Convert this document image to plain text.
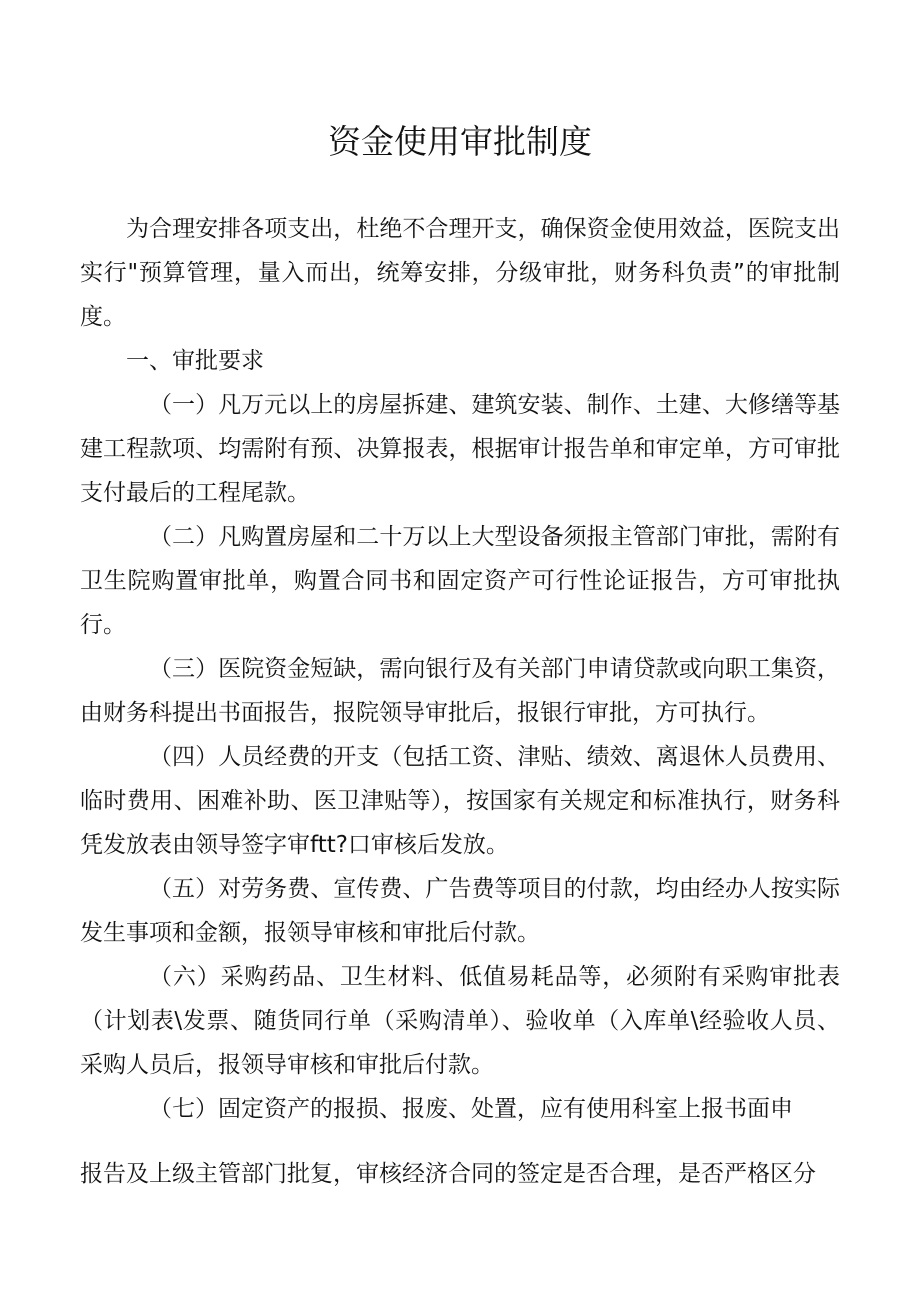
资金使用审批制度

为合理安排各项支出，杜绝不合理开支，确保资金使用效益，医院支出实行"预算管理，量入而出，统筹安排，分级审批，财务科负责”的审批制度。

一、审批要求

（一）凡万元以上的房屋拆建、建筑安装、制作、土建、大修缮等基建工程款项、均需附有预、决算报表，根据审计报告单和审定单，方可审批支付最后的工程尾款。

（二）凡购置房屋和二十万以上大型设备须报主管部门审批，需附有卫生院购置审批单，购置合同书和固定资产可行性论证报告，方可审批执行。

（三）医院资金短缺，需向银行及有关部门申请贷款或向职工集资，由财务科提出书面报告，报院领导审批后，报银行审批，方可执行。

（四）人员经费的开支（包括工资、津贴、绩效、离退休人员费用、临时费用、困难补助、医卫津贴等），按国家有关规定和标准执行，财务科凭发放表由领导签字审ftt?口审核后发放。

（五）对劳务费、宣传费、广告费等项目的付款，均由经办人按实际发生事项和金额，报领导审核和审批后付款。

（六）采购药品、卫生材料、低值易耗品等，必须附有采购审批表（计划表\发票、随货同行单（采购清单）、验收单（入库单\经验收人员、采购人员后，报领导审核和审批后付款。

（七）固定资产的报损、报废、处置，应有使用科室上报书面申

报告及上级主管部门批复，审核经济合同的签定是否合理，是否严格区分
